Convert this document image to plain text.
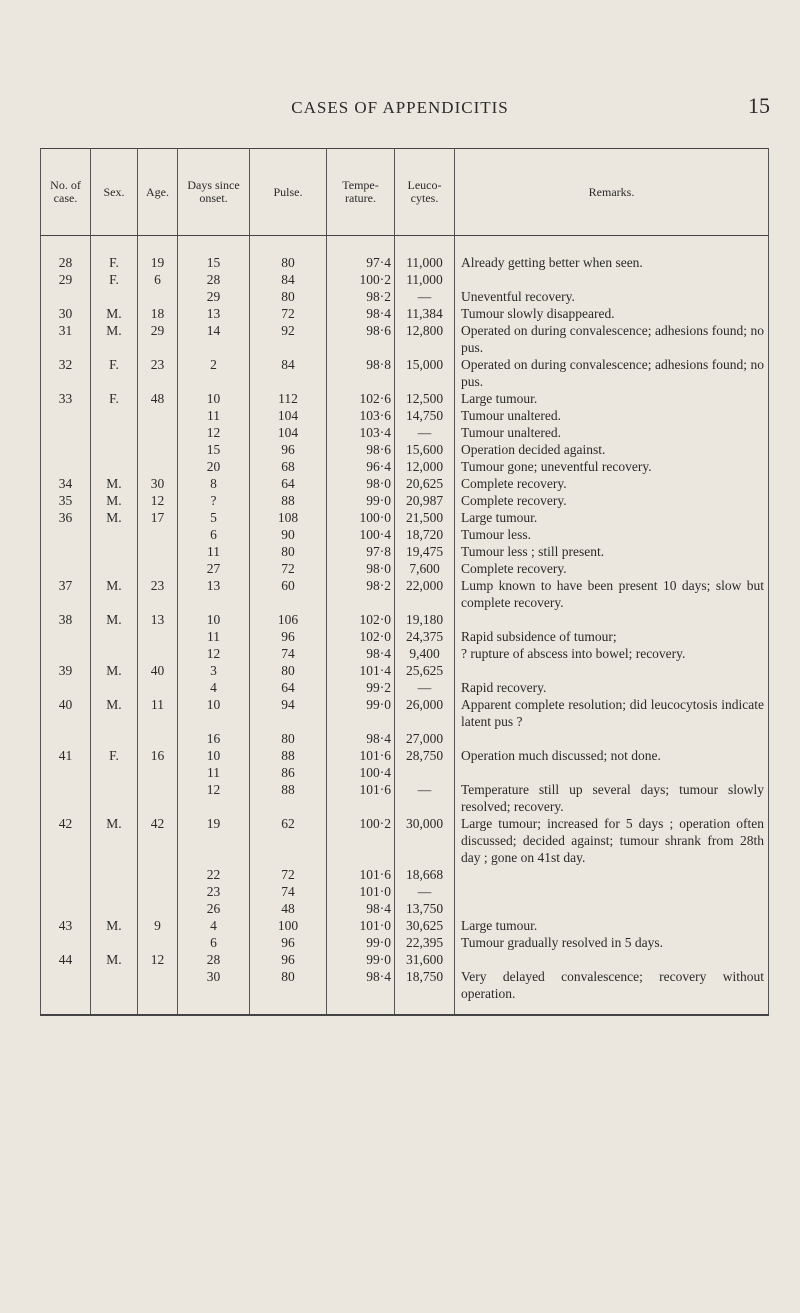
CASES OF APPENDICITIS	15
No. of case.	Sex.	Age.	Days since onset.	Pulse.	Tempe-rature.	Leuco-cytes.	Remarks.
28	F.	19	15	80	97·4	11,000	Already getting better when seen.
29	F.	6	28	84	100·2	11,000	
			29	80	98·2	—	Uneventful recovery.
30	M.	18	13	72	98·4	11,384	Tumour slowly disappeared.
31	M.	29	14	92	98·6	12,800	Operated on during convalescence; adhesions found; no pus.
32	F.	23	2	84	98·8	15,000	Operated on during convalescence; adhesions found; no pus.
33	F.	48	10	112	102·6	12,500	Large tumour.
			11	104	103·6	14,750	Tumour unaltered.
			12	104	103·4	—	Tumour unaltered.
			15	96	98·6	15,600	Operation decided against.
			20	68	96·4	12,000	Tumour gone; uneventful recovery.
34	M.	30	8	64	98·0	20,625	Complete recovery.
35	M.	12	?	88	99·0	20,987	Complete recovery.
36	M.	17	5	108	100·0	21,500	Large tumour.
			6	90	100·4	18,720	Tumour less.
			11	80	97·8	19,475	Tumour less ; still present.
			27	72	98·0	7,600	Complete recovery.
37	M.	23	13	60	98·2	22,000	Lump known to have been present 10 days; slow but complete recovery.
38	M.	13	10	106	102·0	19,180	
			11	96	102·0	24,375	Rapid subsidence of tumour;
			12	74	98·4	9,400	? rupture of abscess into bowel; recovery.
39	M.	40	3	80	101·4	25,625	
			4	64	99·2	—	Rapid recovery.
40	M.	11	10	94	99·0	26,000	Apparent complete resolution; did leucocytosis indicate latent pus ?
			16	80	98·4	27,000	
41	F.	16	10	88	101·6	28,750	Operation much discussed; not done.
			11	86	100·4		
			12	88	101·6	—	Temperature still up several days; tumour slowly resolved; recovery.
42	M.	42	19	62	100·2	30,000	Large tumour; increased for 5 days ; operation often discussed; decided against; tumour shrank from 28th day ; gone on 41st day.
			22	72	101·6	18,668	
			23	74	101·0	—	
			26	48	98·4	13,750	
43	M.	9	4	100	101·0	30,625	Large tumour.
			6	96	99·0	22,395	Tumour gradually resolved in 5 days.
44	M.	12	28	96	99·0	31,600	
			30	80	98·4	18,750	Very delayed convalescence; recovery without operation.
